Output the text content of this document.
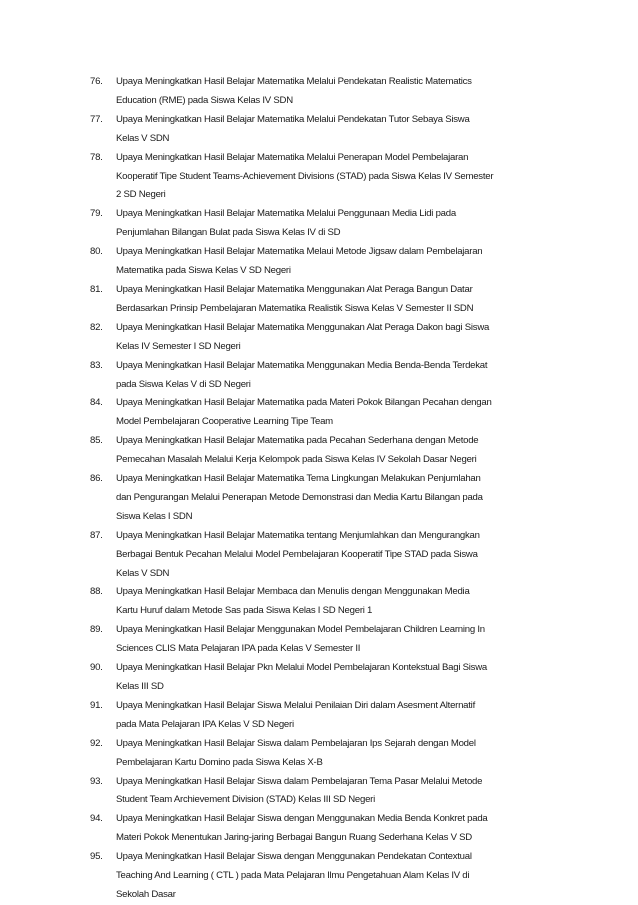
76.	Upaya Meningkatkan Hasil Belajar Matematika Melalui Pendekatan Realistic Matematics
Education (RME) pada Siswa Kelas IV SDN
77.	Upaya Meningkatkan Hasil Belajar Matematika Melalui Pendekatan Tutor Sebaya Siswa
Kelas V SDN
78.	Upaya Meningkatkan Hasil Belajar Matematika Melalui Penerapan Model Pembelajaran
Kooperatif Tipe Student Teams-Achievement Divisions (STAD) pada Siswa Kelas IV Semester
2 SD Negeri
79.	Upaya Meningkatkan Hasil Belajar Matematika Melalui Penggunaan Media Lidi pada
Penjumlahan Bilangan Bulat pada Siswa Kelas IV di SD
80.	Upaya Meningkatkan Hasil Belajar Matematika Melaui Metode Jigsaw dalam Pembelajaran
Matematika pada Siswa Kelas V SD Negeri
81.	Upaya Meningkatkan Hasil Belajar Matematika Menggunakan Alat Peraga Bangun Datar
Berdasarkan Prinsip Pembelajaran Matematika Realistik Siswa Kelas V Semester II SDN
82.	Upaya Meningkatkan Hasil Belajar Matematika Menggunakan Alat Peraga Dakon bagi Siswa
Kelas IV Semester I SD Negeri
83.	Upaya Meningkatkan Hasil Belajar Matematika Menggunakan Media Benda-Benda Terdekat
pada Siswa Kelas V di SD Negeri
84.	Upaya Meningkatkan Hasil Belajar Matematika pada Materi Pokok Bilangan Pecahan dengan
Model Pembelajaran Cooperative Learning Tipe Team
85.	Upaya Meningkatkan Hasil Belajar Matematika pada Pecahan Sederhana dengan Metode
Pemecahan Masalah Melalui Kerja Kelompok pada Siswa Kelas IV Sekolah Dasar Negeri
86.	Upaya Meningkatkan Hasil Belajar Matematika Tema Lingkungan Melakukan Penjumlahan
dan Pengurangan Melalui Penerapan Metode Demonstrasi dan Media Kartu Bilangan pada
Siswa Kelas I SDN
87.	Upaya Meningkatkan Hasil Belajar Matematika tentang Menjumlahkan dan Mengurangkan
Berbagai Bentuk Pecahan Melalui Model Pembelajaran Kooperatif Tipe STAD pada Siswa
Kelas V SDN
88.	Upaya Meningkatkan Hasil Belajar Membaca dan Menulis dengan Menggunakan Media
Kartu Huruf dalam Metode Sas pada Siswa Kelas I SD Negeri 1
89.	Upaya Meningkatkan Hasil Belajar Menggunakan Model Pembelajaran Children Learning In
Sciences CLIS Mata Pelajaran IPA pada Kelas V Semester II
90.	Upaya Meningkatkan Hasil Belajar Pkn Melalui Model Pembelajaran Kontekstual Bagi Siswa
Kelas III SD
91.	Upaya Meningkatkan Hasil Belajar Siswa Melalui Penilaian Diri dalam Asesment Alternatif
pada Mata Pelajaran IPA Kelas V SD Negeri
92.	Upaya Meningkatkan Hasil Belajar Siswa dalam Pembelajaran Ips Sejarah dengan Model
Pembelajaran Kartu Domino pada Siswa Kelas X-B
93.	Upaya Meningkatkan Hasil Belajar Siswa dalam Pembelajaran Tema Pasar Melalui Metode
Student Team Archievement Division (STAD) Kelas III SD Negeri
94.	Upaya Meningkatkan Hasil Belajar Siswa dengan Menggunakan Media Benda Konkret pada
Materi Pokok Menentukan Jaring-jaring Berbagai Bangun Ruang Sederhana Kelas V SD
95.	Upaya Meningkatkan Hasil Belajar Siswa dengan Menggunakan Pendekatan Contextual
Teaching And Learning ( CTL ) pada Mata Pelajaran Ilmu Pengetahuan Alam Kelas IV di
Sekolah Dasar
